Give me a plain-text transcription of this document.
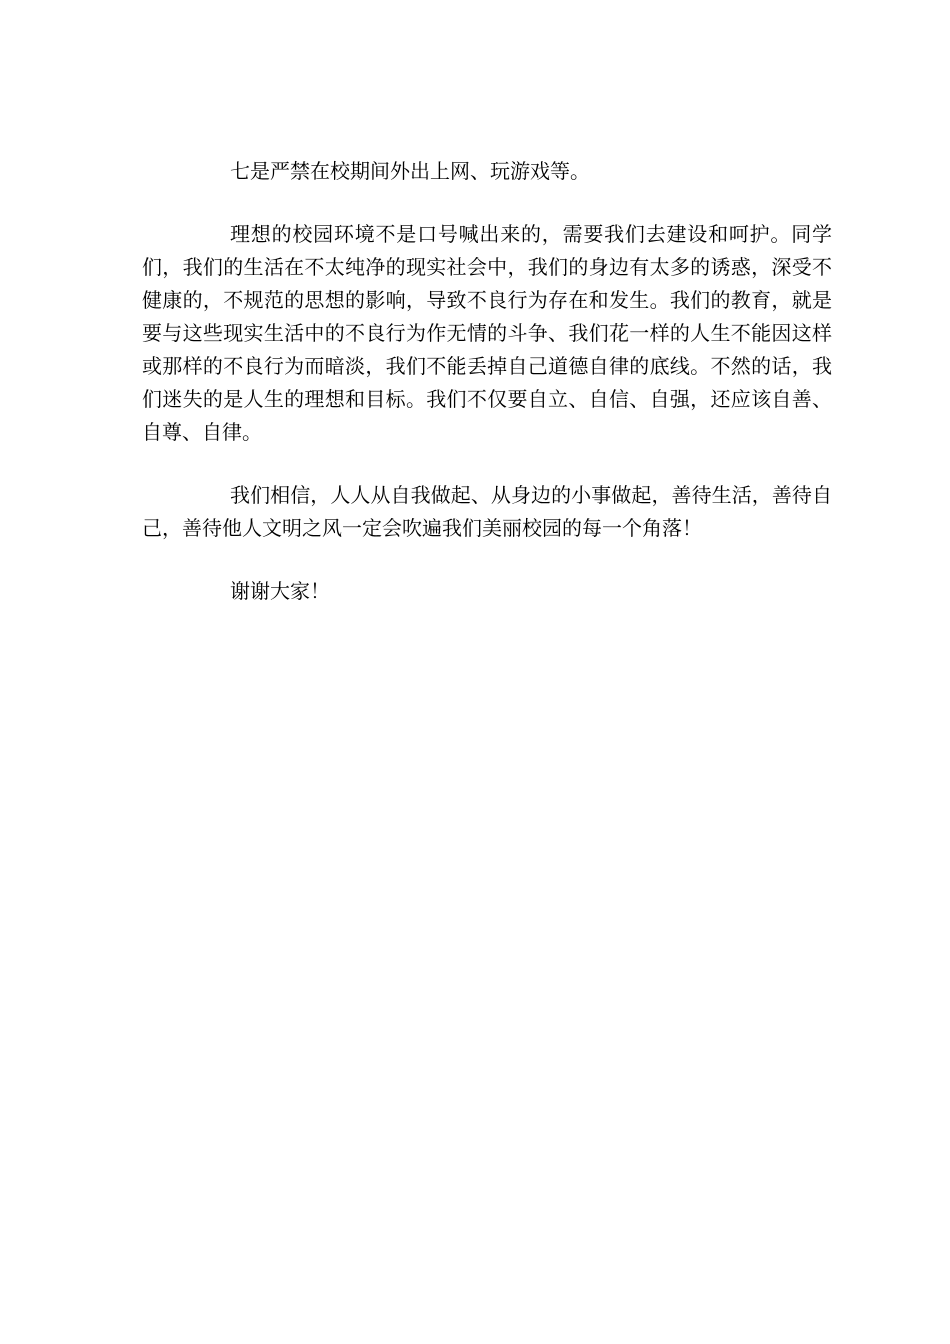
七是严禁在校期间外出上网、玩游戏等。

理想的校园环境不是口号喊出来的，需要我们去建设和呵护。同学们，我们的生活在不太纯净的现实社会中，我们的身边有太多的诱惑，深受不健康的，不规范的思想的影响，导致不良行为存在和发生。我们的教育，就是要与这些现实生活中的不良行为作无情的斗争、我们花一样的人生不能因这样或那样的不良行为而暗淡，我们不能丢掉自己道德自律的底线。不然的话，我们迷失的是人生的理想和目标。我们不仅要自立、自信、自强，还应该自善、自尊、自律。

我们相信，人人从自我做起、从身边的小事做起，善待生活，善待自己，善待他人文明之风一定会吹遍我们美丽校园的每一个角落！

谢谢大家！
